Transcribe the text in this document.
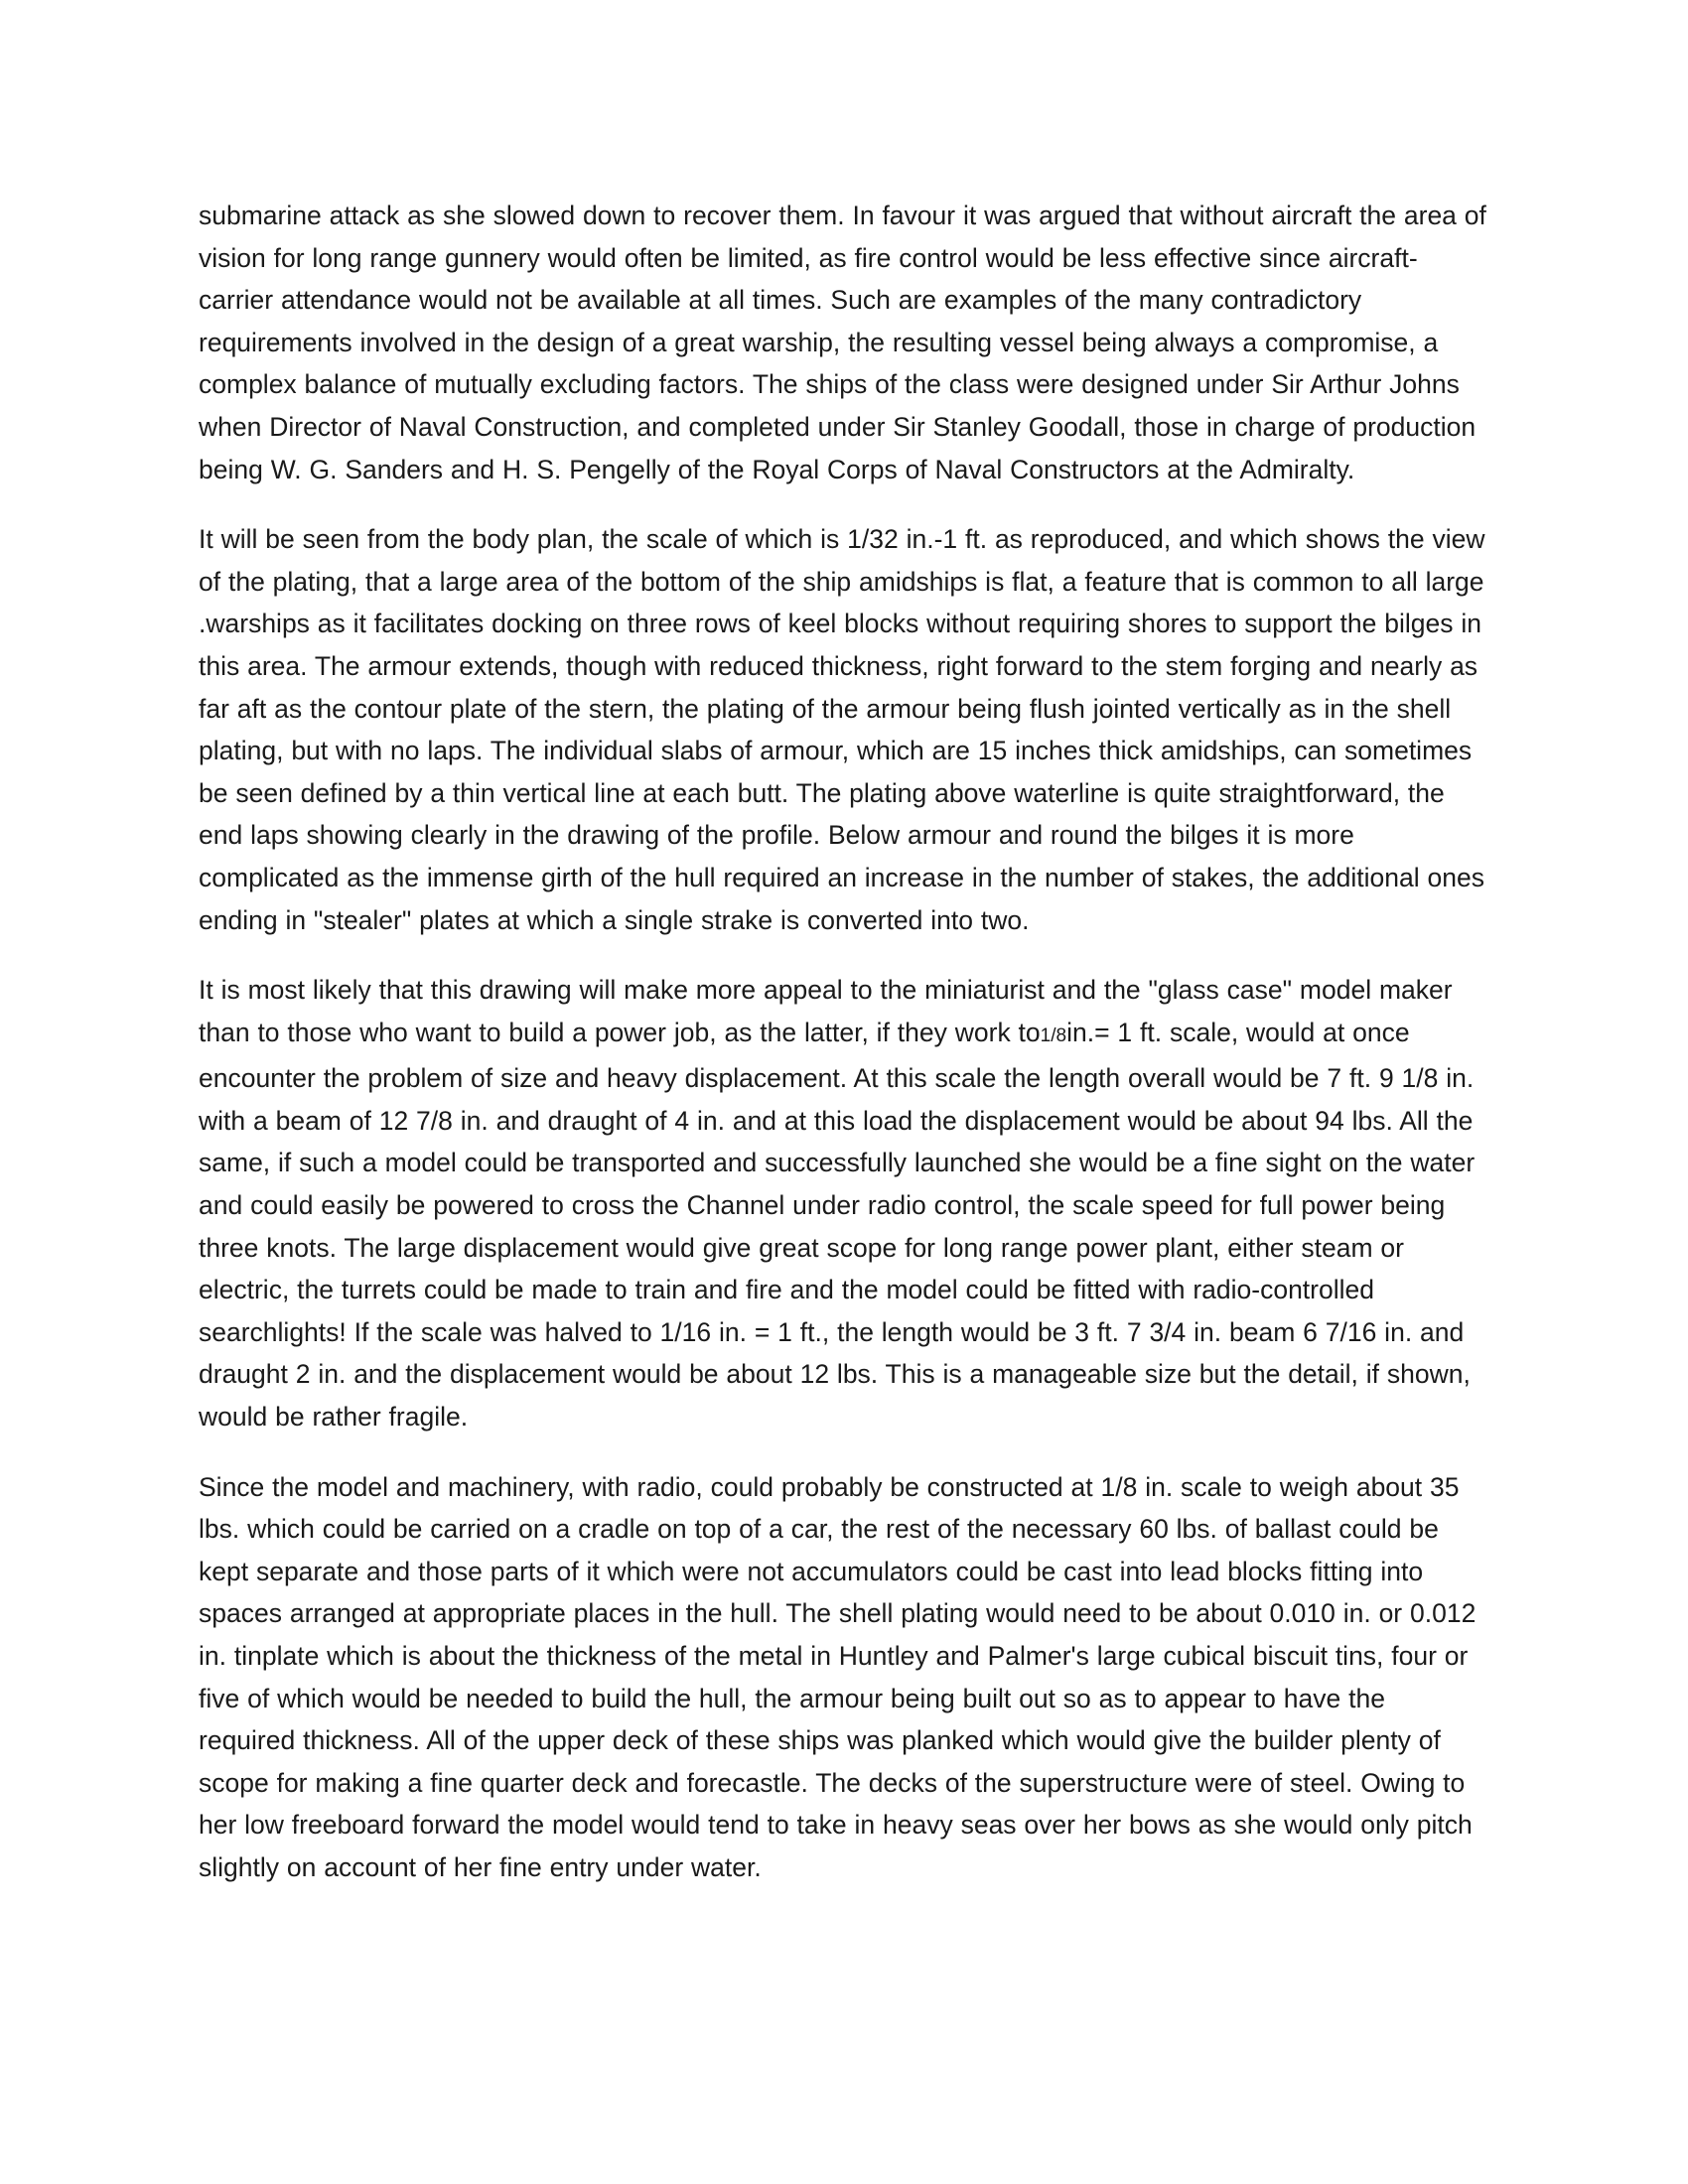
submarine attack as she slowed down to recover them. In favour it was argued that without aircraft the area of vision for long range gunnery would often be limited, as fire control would be less effective since aircraft-carrier attendance would not be available at all times. Such are examples of the many contradictory requirements involved in the design of a great warship, the resulting vessel being always a compromise, a complex balance of mutually excluding factors. The ships of the class were designed under Sir Arthur Johns when Director of Naval Construction, and completed under Sir Stanley Goodall, those in charge of production being W. G. Sanders and H. S. Pengelly of the Royal Corps of Naval Constructors at the Admiralty.

It will be seen from the body plan, the scale of which is 1/32 in.-1 ft. as reproduced, and which shows the view of the plating, that a large area of the bottom of the ship amidships is flat, a feature that is common to all large .warships as it facilitates docking on three rows of keel blocks without requiring shores to support the bilges in this area. The armour extends, though with reduced thickness, right forward to the stem forging and nearly as far aft as the contour plate of the stern, the plating of the armour being flush jointed vertically as in the shell plating, but with no laps. The individual slabs of armour, which are 15 inches thick amidships, can sometimes be seen defined by a thin vertical line at each butt. The plating above waterline is quite straightforward, the end laps showing clearly in the drawing of the profile. Below armour and round the bilges it is more complicated as the immense girth of the hull required an increase in the number of stakes, the additional ones ending in "stealer" plates at which a single strake is converted into two.

It is most likely that this drawing will make more appeal to the miniaturist and the "glass case" model maker than to those who want to build a power job, as the latter, if they work to1/8in.= 1 ft. scale, would at once encounter the problem of size and heavy displacement. At this scale the length overall would be 7 ft. 9 1/8 in. with a beam of 12 7/8 in. and draught of 4 in. and at this load the displacement would be about 94 lbs. All the same, if such a model could be transported and successfully launched she would be a fine sight on the water and could easily be powered to cross the Channel under radio control, the scale speed for full power being three knots. The large displacement would give great scope for long range power plant, either steam or electric, the turrets could be made to train and fire and the model could be fitted with radio-controlled searchlights! If the scale was halved to 1/16 in. = 1 ft., the length would be 3 ft. 7 3/4 in. beam 6 7/16 in. and draught 2 in. and the displacement would be about 12 lbs. This is a manageable size but the detail, if shown, would be rather fragile.

Since the model and machinery, with radio, could probably be constructed at 1/8 in. scale to weigh about 35 lbs. which could be carried on a cradle on top of a car, the rest of the necessary 60 lbs. of ballast could be kept separate and those parts of it which were not accumulators could be cast into lead blocks fitting into spaces arranged at appropriate places in the hull. The shell plating would need to be about 0.010 in. or 0.012 in. tinplate which is about the thickness of the metal in Huntley and Palmer's large cubical biscuit tins, four or five of which would be needed to build the hull, the armour being built out so as to appear to have the required thickness. All of the upper deck of these ships was planked which would give the builder plenty of scope for making a fine quarter deck and forecastle. The decks of the superstructure were of steel. Owing to her low freeboard forward the model would tend to take in heavy seas over her bows as she would only pitch slightly on account of her fine entry under water.
